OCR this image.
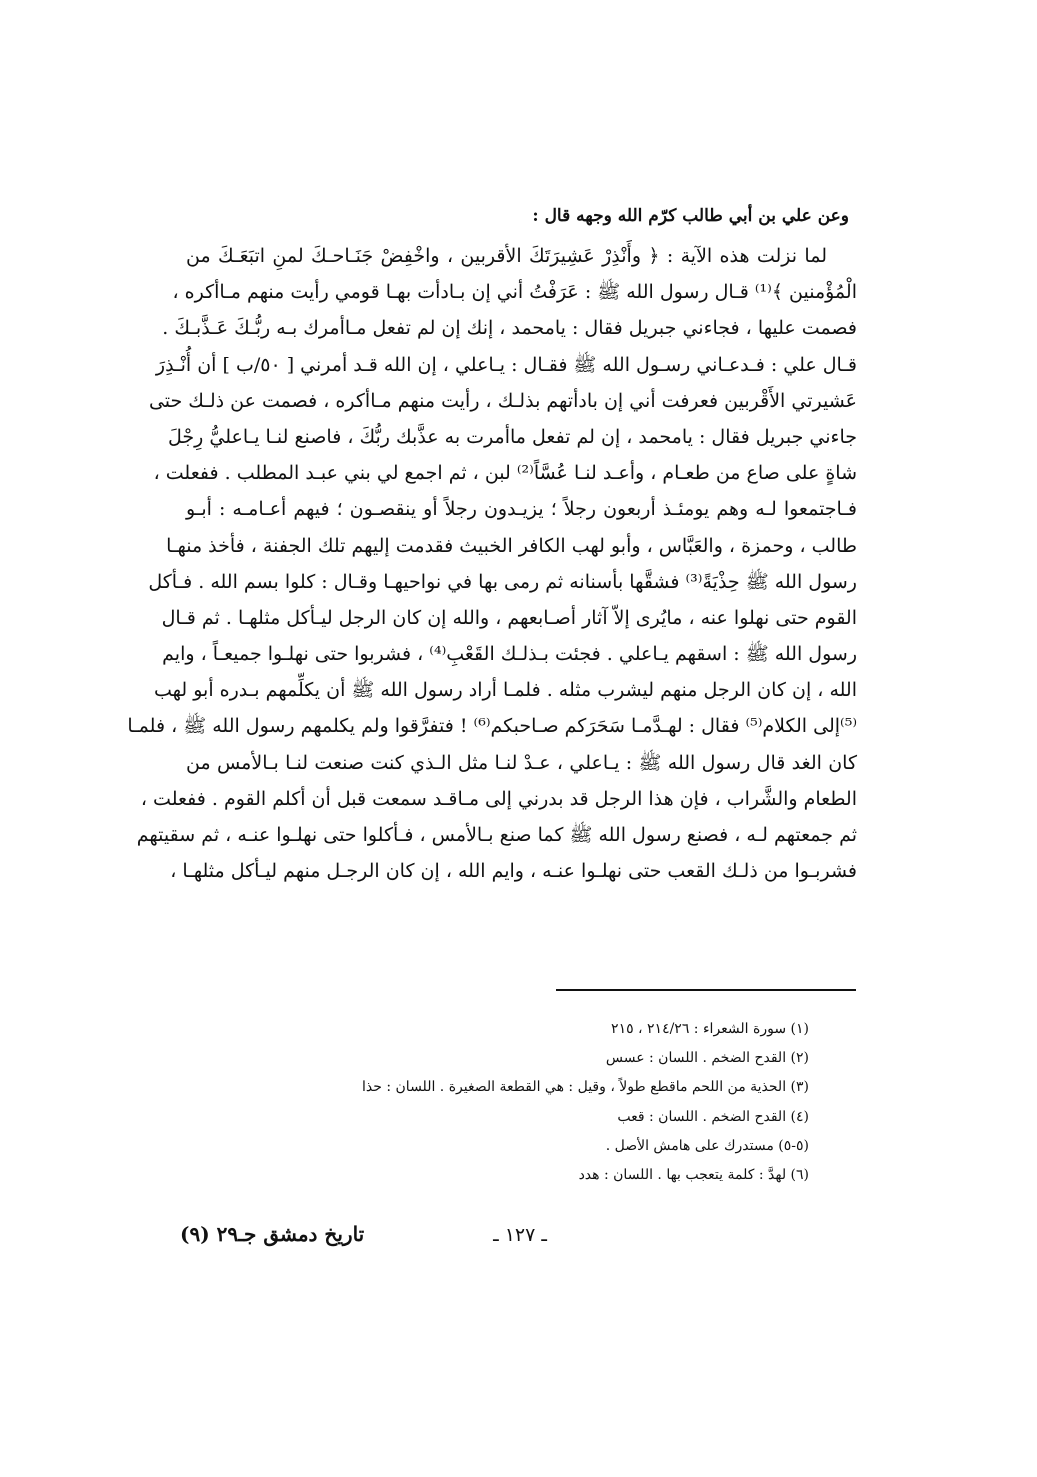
وعن علي بن أبي طالب كرّم الله وجهه قال :
لما نزلت هذه الآية : ﴿ وأَنْذِرْ عَشِيرَتَكَ الأقربين ، واخْفِضْ جَنَـاحـكَ لمنِ اتبَعَـكَ من
الْمُؤْمنين ﴾⁽¹⁾ قـال رسول الله ﷺ : عَرَفْتُ أني إن بـادأت بهـا قومي رأيت منهم مـاأكره ،
فصمت عليها ، فجاءني جبريل فقال : يامحمد ، إنك إن لم تفعل مـاأمرك بـه ربُّـكَ عَـذَّبـكَ .
قـال علي : فـدعـاني رسـول الله ﷺ فقـال : يـاعلي ، إن الله قـد أمرني [ ٥٠/ب ] أن أُنْـذِرَ
عَشيرتي الأَقْربين فعرفت أني إن بادأتهم بذلـك ، رأيت منهم مـاأكره ، فصمت عن ذلـك حتى
جاءني جبريل فقال : يامحمد ، إن لم تفعل ماأمرت به عذَّبك ربُّكَ ، فاصنع لنـا يـاعليُّ رِجْلَ
شاةٍ على صاع من طعـام ، وأعـد لنـا عُسَّاً⁽²⁾ لبن ، ثم اجمع لي بني عبـد المطلب . ففعلت ،
فـاجتمعوا لـه وهم يومئـذ أربعون رجلاً ؛ يزيـدون رجلاً أو ينقصـون ؛ فيهم أعـامـه : أبـو
طالب ، وحمزة ، والعَبَّاس ، وأبو لهب الكافر الخبيث فقدمت إليهم تلك الجفنة ، فأخذ منهـا
رسول الله ﷺ حِذْيَةً⁽³⁾ فشقَّها بأسنانه ثم رمى بها في نواحيهـا وقـال : كلوا بسم الله . فـأكل
القوم حتى نهلوا عنه ، مايُرى إلاّ آثار أصـابعهم ، والله إن كان الرجل ليـأكل مثلهـا . ثم قـال
رسول الله ﷺ : اسقهم يـاعلي . فجئت بـذلـك القَعْبِ⁽⁴⁾ ، فشربوا حتى نهلـوا جميعـاً ، وايم
الله ، إن كان الرجل منهم ليشرب مثله . فلمـا أراد رسول الله ﷺ أن يكلِّمهم بـدره أبو لهب
⁽⁵⁾إلى الكلام⁽⁵⁾ فقال : لهـدَّمـا سَحَرَكم صـاحبكم⁽⁶⁾ ! فتفرَّقوا ولم يكلمهم رسول الله ﷺ ، فلمـا
كان الغد قال رسول الله ﷺ : يـاعلي ، عـدْ لنـا مثل الـذي كنت صنعت لنـا بـالأمس من
الطعام والشَّراب ، فإن هذا الرجل قد بدرني إلى مـاقـد سمعت قبل أن أكلم القوم . ففعلت ،
ثم جمعتهم لـه ، فصنع رسول الله ﷺ كما صنع بـالأمس ، فـأكلوا حتى نهلـوا عنـه ، ثم سقيتهم
فشربـوا من ذلـك القعب حتى نهلـوا عنـه ، وايم الله ، إن كان الرجـل منهم ليـأكل مثلهـا ،
(١) سورة الشعراء : ٢١٤/٢٦ ، ٢١٥
(٢) القدح الضخم . اللسان : عسس
(٣) الحذية من اللحم ماقطع طولاً ، وقيل : هي القطعة الصغيرة . اللسان : حذا
(٤) القدح الضخم . اللسان : قعب
(٥-٥) مستدرك على هامش الأصل .
(٦) لهدَّ : كلمة يتعجب بها . اللسان : هدد
تاريخ دمشق جـ٢٩ (٩)	ـ ١٢٧ ـ
